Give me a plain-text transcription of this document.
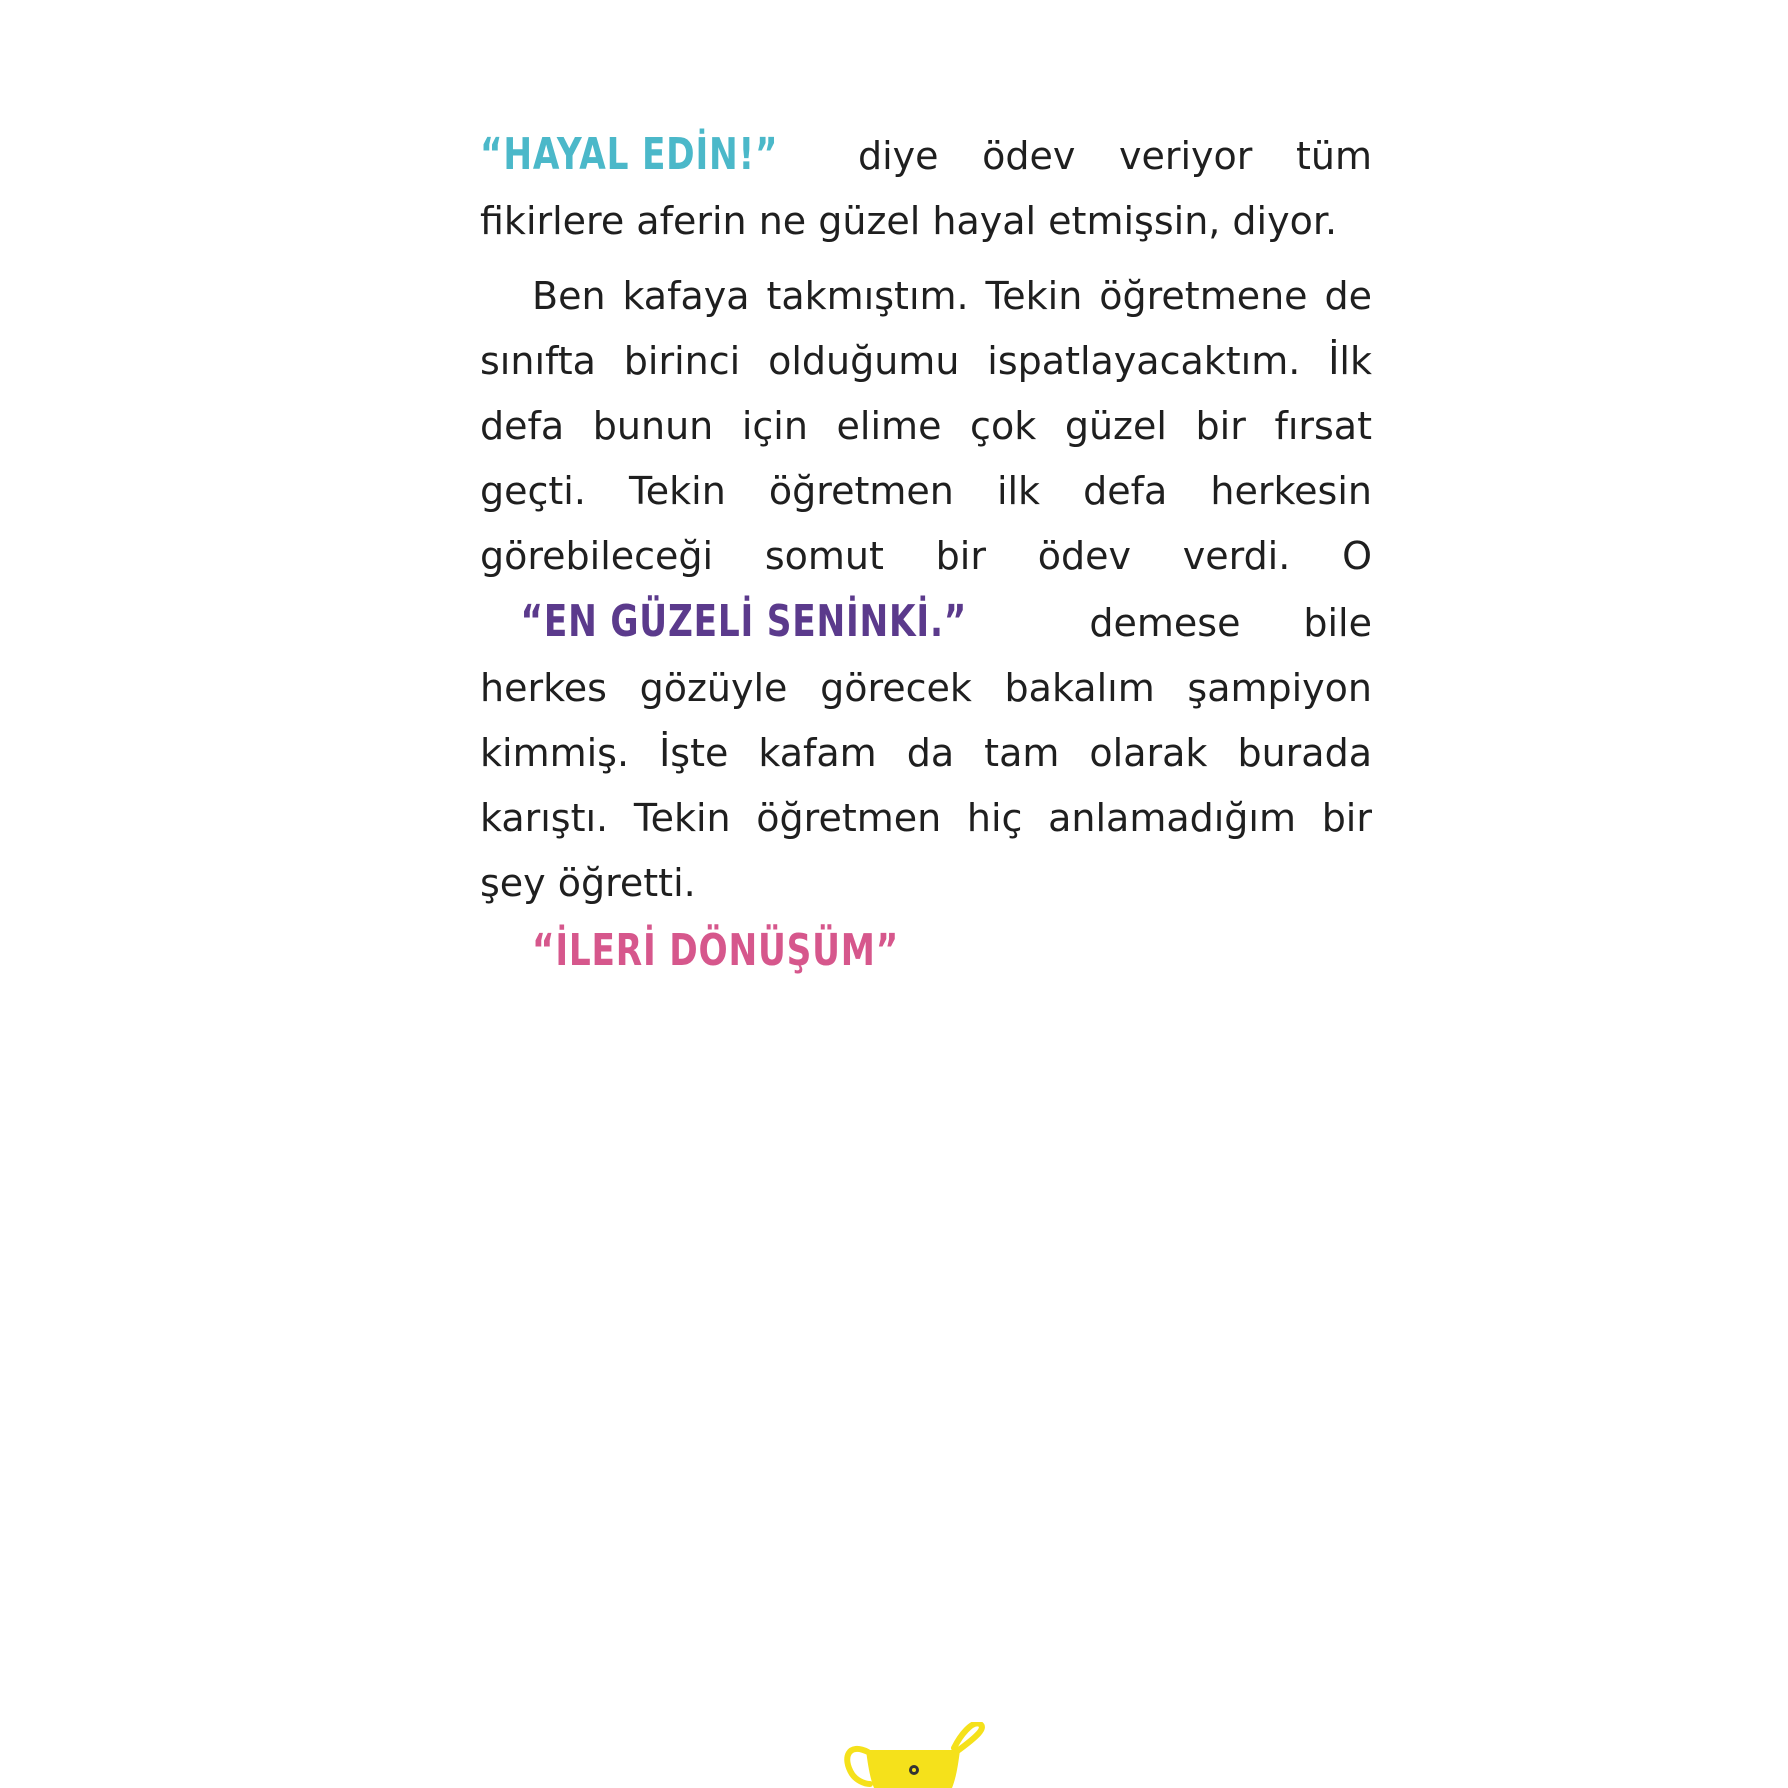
“HAYAL EDİN!” diye ödev veriyor tüm fikirlere aferin ne güzel hayal etmişsin, diyor.

Ben kafaya takmıştım. Tekin öğretmene de sınıfta birinci olduğumu ispatlayacaktım. İlk defa bunun için elime çok güzel bir fırsat geçti. Tekin öğretmen ilk defa herkesin görebileceği somut bir ödev verdi. O “EN GÜZELİ SENİNKİ.” demese bile herkes gözüyle görecek bakalım şampiyon kimmiş. İşte kafam da tam olarak burada karıştı. Tekin öğretmen hiç anlamadığım bir şey öğretti.

“İLERİ DÖNÜŞÜM”
